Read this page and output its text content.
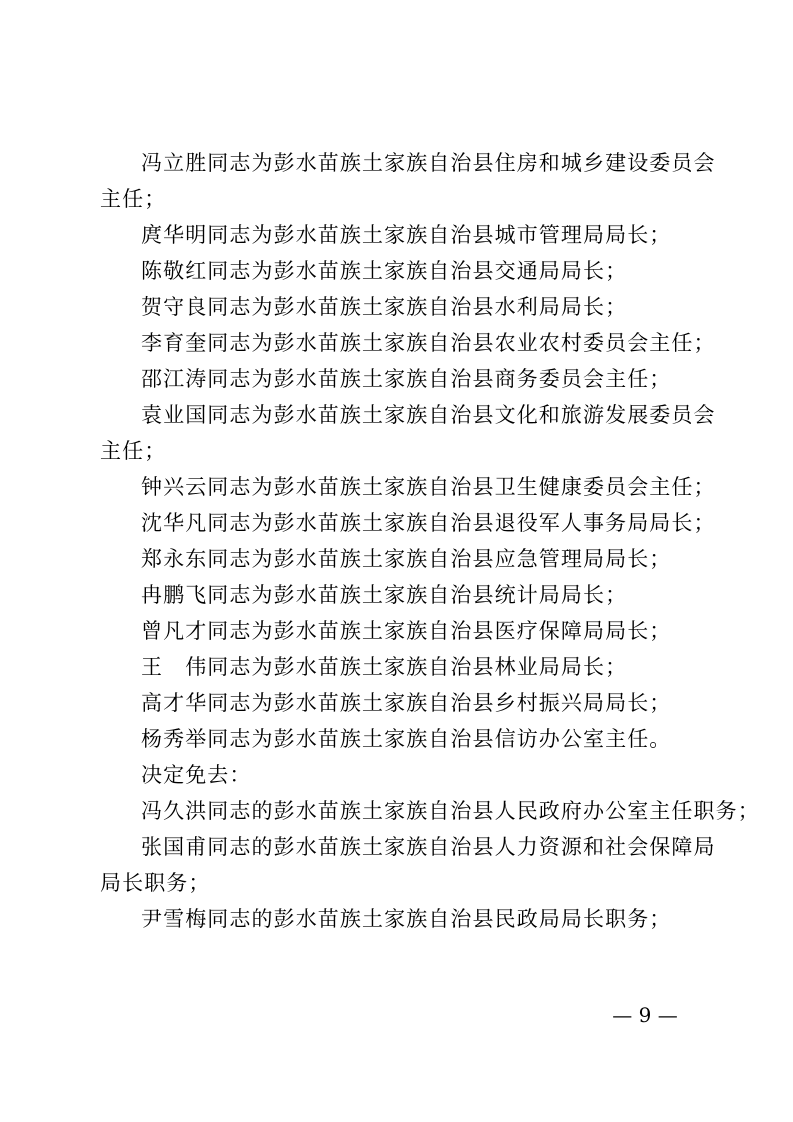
冯立胜同志为彭水苗族土家族自治县住房和城乡建设委员会
主任；
庹华明同志为彭水苗族土家族自治县城市管理局局长；
陈敬红同志为彭水苗族土家族自治县交通局局长；
贺守良同志为彭水苗族土家族自治县水利局局长；
李育奎同志为彭水苗族土家族自治县农业农村委员会主任；
邵江涛同志为彭水苗族土家族自治县商务委员会主任；
袁业国同志为彭水苗族土家族自治县文化和旅游发展委员会
主任；
钟兴云同志为彭水苗族土家族自治县卫生健康委员会主任；
沈华凡同志为彭水苗族土家族自治县退役军人事务局局长；
郑永东同志为彭水苗族土家族自治县应急管理局局长；
冉鹏飞同志为彭水苗族土家族自治县统计局局长；
曾凡才同志为彭水苗族土家族自治县医疗保障局局长；
王　伟同志为彭水苗族土家族自治县林业局局长；
高才华同志为彭水苗族土家族自治县乡村振兴局局长；
杨秀举同志为彭水苗族土家族自治县信访办公室主任。
决定免去：
冯久洪同志的彭水苗族土家族自治县人民政府办公室主任职务；
张国甫同志的彭水苗族土家族自治县人力资源和社会保障局
局长职务；
尹雪梅同志的彭水苗族土家族自治县民政局局长职务；
— 9 —
